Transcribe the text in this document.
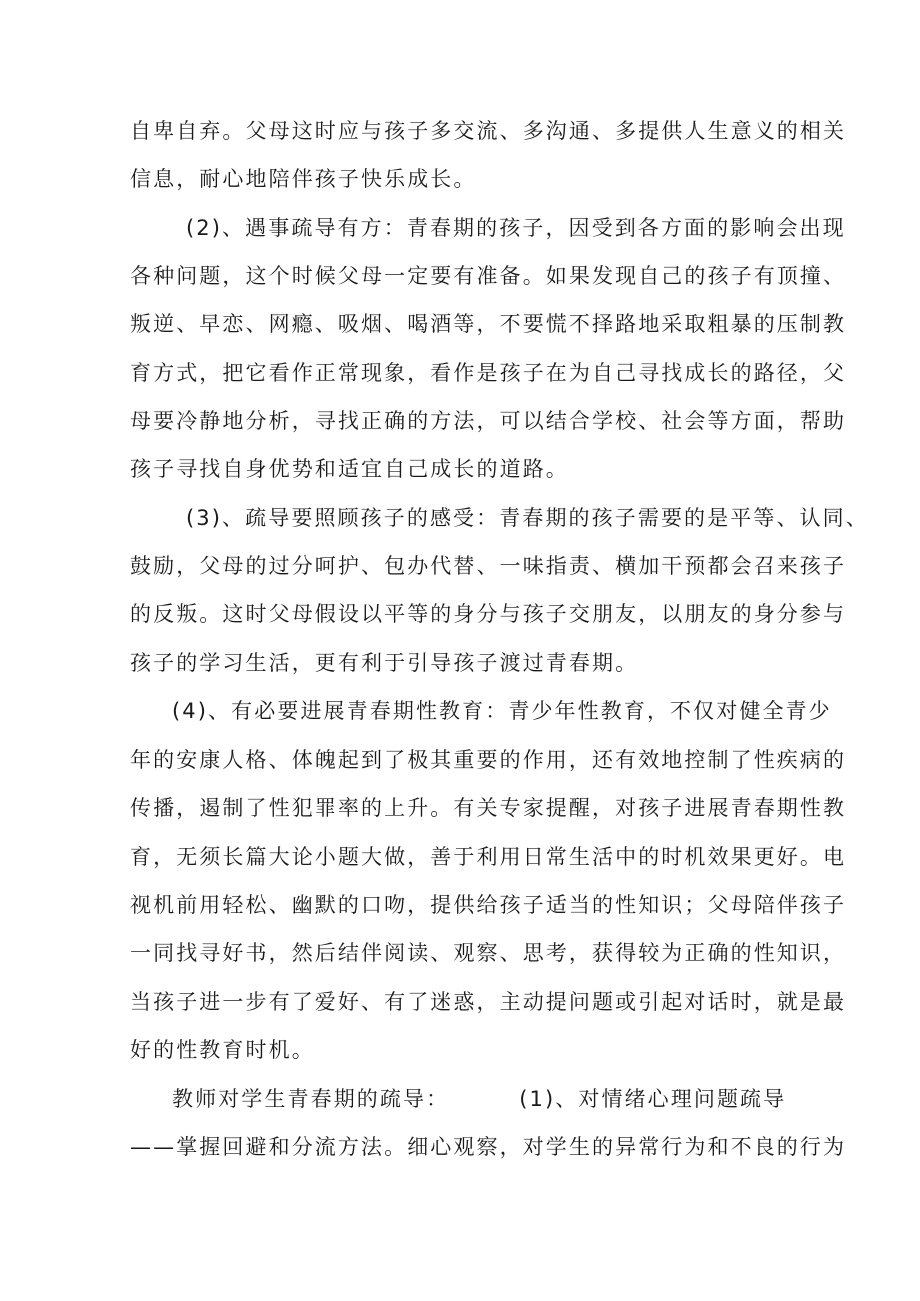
自卑自弃。父母这时应与孩子多交流、多沟通、多提供人生意义的相关
信息，耐心地陪伴孩子快乐成长。
(2)、遇事疏导有方：青春期的孩子，因受到各方面的影响会出现
各种问题，这个时候父母一定要有准备。如果发现自己的孩子有顶撞、
叛逆、早恋、网瘾、吸烟、喝酒等，不要慌不择路地采取粗暴的压制教
育方式，把它看作正常现象，看作是孩子在为自己寻找成长的路径，父
母要冷静地分析，寻找正确的方法，可以结合学校、社会等方面，帮助
孩子寻找自身优势和适宜自己成长的道路。
(3)、疏导要照顾孩子的感受：青春期的孩子需要的是平等、认同、
鼓励，父母的过分呵护、包办代替、一味指责、横加干预都会召来孩子
的反叛。这时父母假设以平等的身分与孩子交朋友，以朋友的身分参与
孩子的学习生活，更有利于引导孩子渡过青春期。
(4)、有必要进展青春期性教育：青少年性教育，不仅对健全青少
年的安康人格、体魄起到了极其重要的作用，还有效地控制了性疾病的
传播，遏制了性犯罪率的上升。有关专家提醒，对孩子进展青春期性教
育，无须长篇大论小题大做，善于利用日常生活中的时机效果更好。电
视机前用轻松、幽默的口吻，提供给孩子适当的性知识；父母陪伴孩子
一同找寻好书，然后结伴阅读、观察、思考，获得较为正确的性知识，
当孩子进一步有了爱好、有了迷惑，主动提问题或引起对话时，就是最
好的性教育时机。
教师对学生青春期的疏导：	(1)、对情绪心理问题疏导
——掌握回避和分流方法。细心观察，对学生的异常行为和不良的行为
